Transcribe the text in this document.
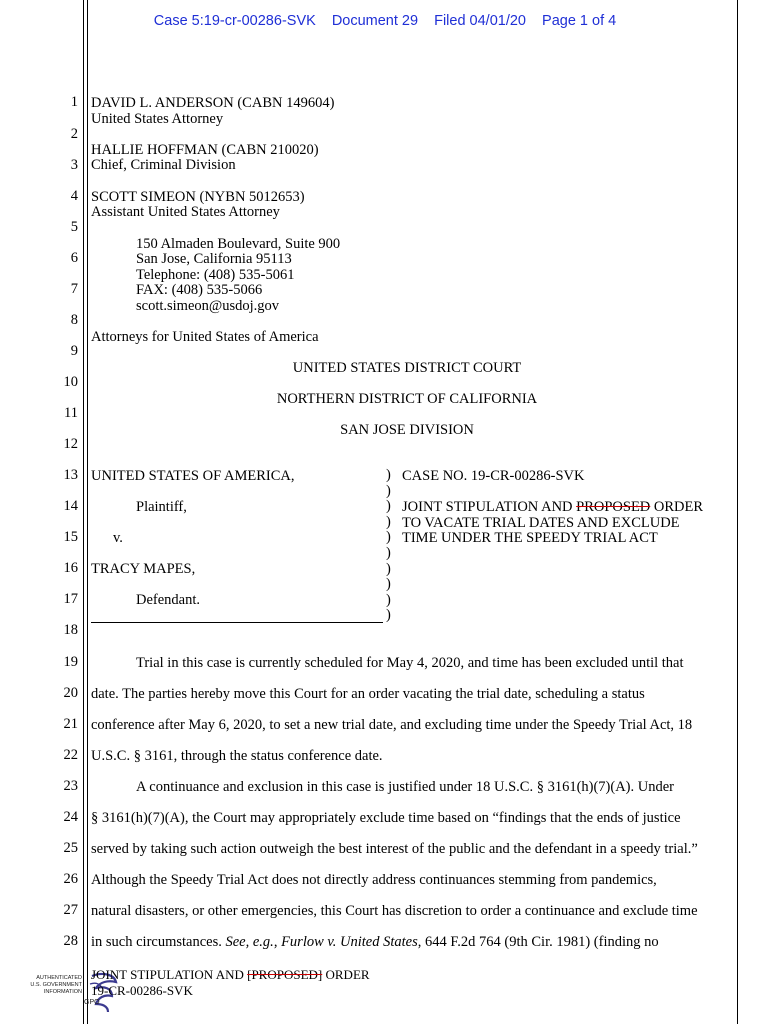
Case 5:19-cr-00286-SVK Document 29 Filed 04/01/20 Page 1 of 4
1
2
3
4
5
6
7
8
9
10
11
12
13
14
15
16
17
18
19
20
21
22
23
24
25
26
27
28
DAVID L. ANDERSON (CABN 149604)
United States Attorney
HALLIE HOFFMAN (CABN 210020)
Chief, Criminal Division
SCOTT SIMEON (NYBN 5012653)
Assistant United States Attorney
150 Almaden Boulevard, Suite 900
San Jose, California 95113
Telephone: (408) 535-5061
FAX: (408) 535-5066
scott.simeon@usdoj.gov
Attorneys for United States of America
UNITED STATES DISTRICT COURT
NORTHERN DISTRICT OF CALIFORNIA
SAN JOSE DIVISION
UNITED STATES OF AMERICA,
Plaintiff,
v.
TRACY MAPES,
Defendant.
)
)
)
)
)
)
)
)
)
)
CASE NO. 19-CR-00286-SVK
JOINT STIPULATION AND PROPOSED ORDER
TO VACATE TRIAL DATES AND EXCLUDE
TIME UNDER THE SPEEDY TRIAL ACT
Trial in this case is currently scheduled for May 4, 2020, and time has been excluded until that
date. The parties hereby move this Court for an order vacating the trial date, scheduling a status
conference after May 6, 2020, to set a new trial date, and excluding time under the Speedy Trial Act, 18
U.S.C. § 3161, through the status conference date.
A continuance and exclusion in this case is justified under 18 U.S.C. § 3161(h)(7)(A). Under
§ 3161(h)(7)(A), the Court may appropriately exclude time based on “findings that the ends of justice
served by taking such action outweigh the best interest of the public and the defendant in a speedy trial.”
Although the Speedy Trial Act does not directly address continuances stemming from pandemics,
natural disasters, or other emergencies, this Court has discretion to order a continuance and exclude time
in such circumstances. See, e.g., Furlow v. United States, 644 F.2d 764 (9th Cir. 1981) (finding no
AUTHENTICATED
U.S. GOVERNMENT
INFORMATION
GPO
JOINT STIPULATION AND [PROPOSED] ORDER
19-CR-00286-SVK
